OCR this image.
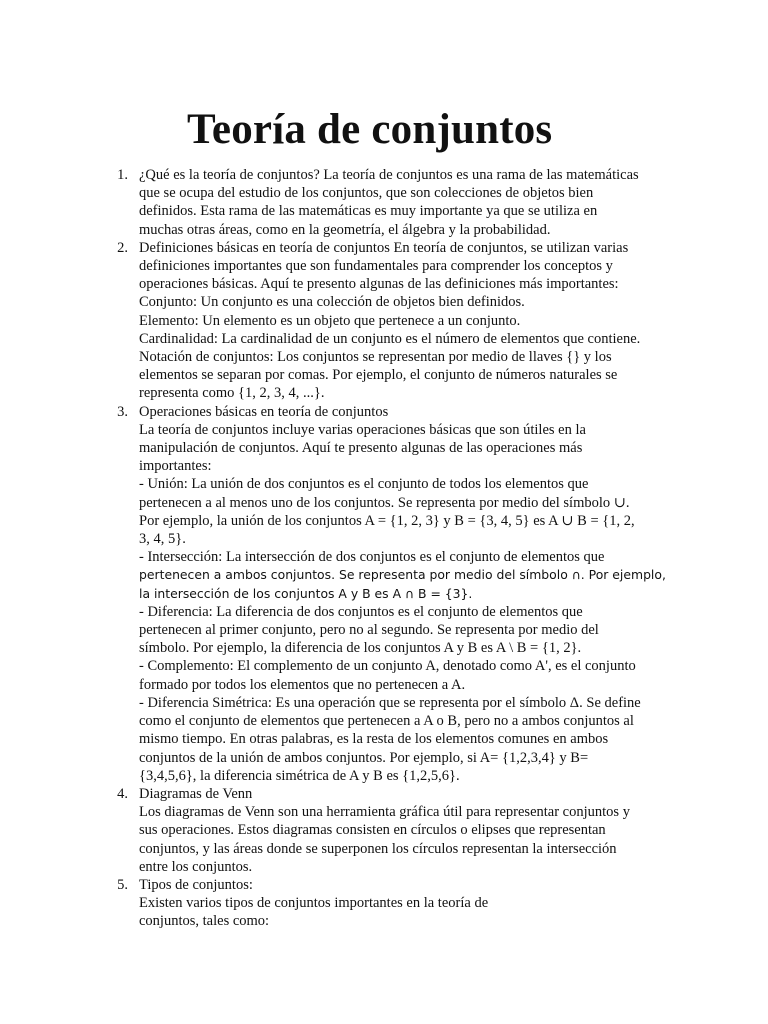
Teoría de conjuntos
1. ¿Qué es la teoría de conjuntos? La teoría de conjuntos es una rama de las matemáticas
que se ocupa del estudio de los conjuntos, que son colecciones de objetos bien
definidos. Esta rama de las matemáticas es muy importante ya que se utiliza en
muchas otras áreas, como en la geometría, el álgebra y la probabilidad.
2. Definiciones básicas en teoría de conjuntos En teoría de conjuntos, se utilizan varias
definiciones importantes que son fundamentales para comprender los conceptos y
operaciones básicas. Aquí te presento algunas de las definiciones más importantes:
Conjunto: Un conjunto es una colección de objetos bien definidos.
Elemento: Un elemento es un objeto que pertenece a un conjunto.
Cardinalidad: La cardinalidad de un conjunto es el número de elementos que contiene.
Notación de conjuntos: Los conjuntos se representan por medio de llaves {} y los
elementos se separan por comas. Por ejemplo, el conjunto de números naturales se
representa como {1, 2, 3, 4, ...}.
3. Operaciones básicas en teoría de conjuntos
La teoría de conjuntos incluye varias operaciones básicas que son útiles en la
manipulación de conjuntos. Aquí te presento algunas de las operaciones más
importantes:
- Unión: La unión de dos conjuntos es el conjunto de todos los elementos que
pertenecen a al menos uno de los conjuntos. Se representa por medio del símbolo ∪.
Por ejemplo, la unión de los conjuntos A = {1, 2, 3} y B = {3, 4, 5} es A ∪ B = {1, 2,
3, 4, 5}.
- Intersección: La intersección de dos conjuntos es el conjunto de elementos que
pertenecen a ambos conjuntos. Se representa por medio del símbolo ∩. Por ejemplo,
la intersección de los conjuntos A y B es A ∩ B = {3}.
- Diferencia: La diferencia de dos conjuntos es el conjunto de elementos que
pertenecen al primer conjunto, pero no al segundo. Se representa por medio del
símbolo. Por ejemplo, la diferencia de los conjuntos A y B es A \ B = {1, 2}.
- Complemento: El complemento de un conjunto A, denotado como A', es el conjunto
formado por todos los elementos que no pertenecen a A.
- Diferencia Simétrica: Es una operación que se representa por el símbolo Δ. Se define
como el conjunto de elementos que pertenecen a A o B, pero no a ambos conjuntos al
mismo tiempo. En otras palabras, es la resta de los elementos comunes en ambos
conjuntos de la unión de ambos conjuntos. Por ejemplo, si A= {1,2,3,4} y B=
{3,4,5,6}, la diferencia simétrica de A y B es {1,2,5,6}.
4. Diagramas de Venn
Los diagramas de Venn son una herramienta gráfica útil para representar conjuntos y
sus operaciones. Estos diagramas consisten en círculos o elipses que representan
conjuntos, y las áreas donde se superponen los círculos representan la intersección
entre los conjuntos.
5. Tipos de conjuntos:
Existen varios tipos de conjuntos importantes en la teoría de
conjuntos, tales como:
